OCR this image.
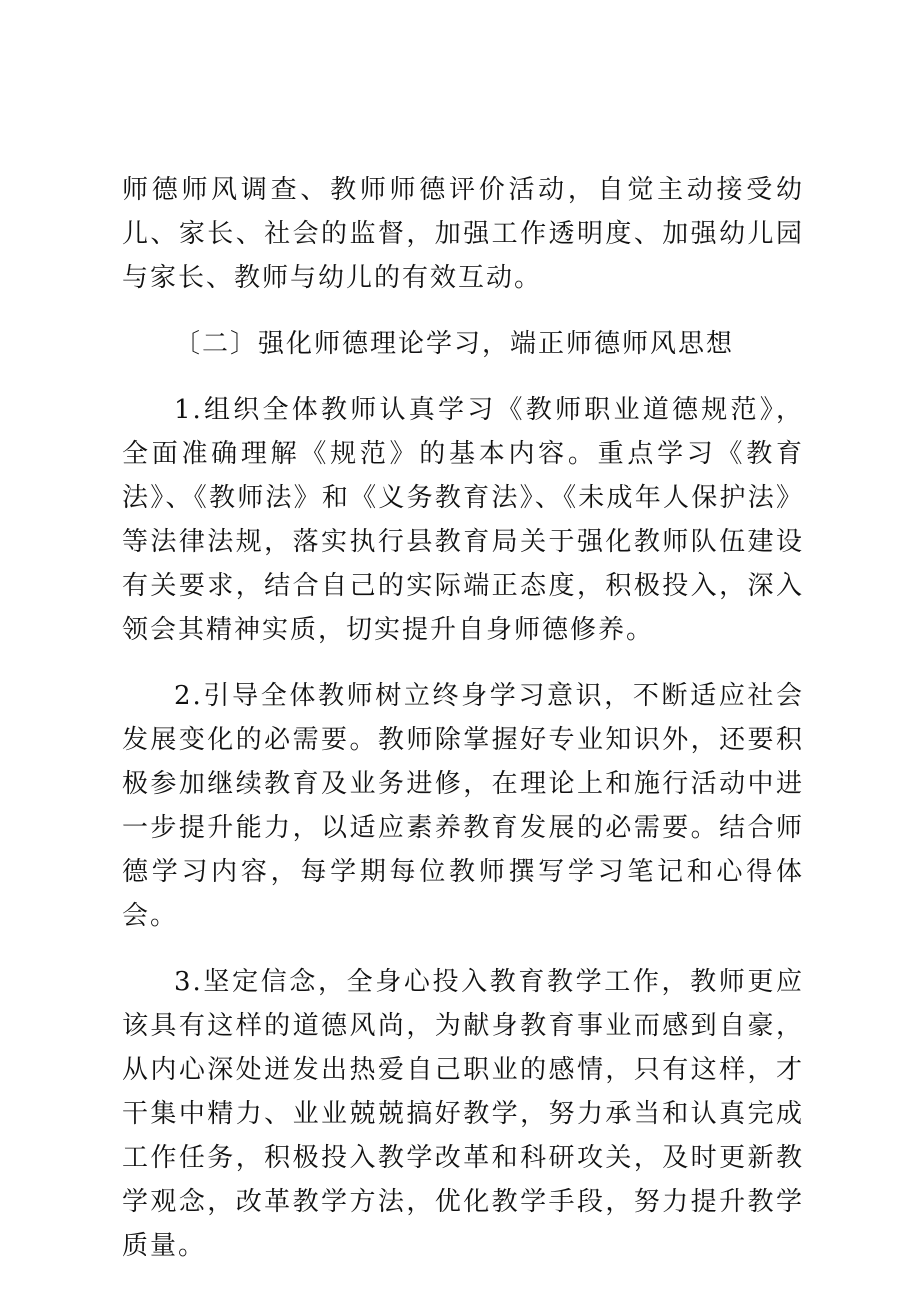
师德师风调查、教师师德评价活动，自觉主动接受幼儿、家长、社会的监督，加强工作透明度、加强幼儿园与家长、教师与幼儿的有效互动。

〔二〕强化师德理论学习，端正师德师风思想

1.组织全体教师认真学习《教师职业道德规范》，全面准确理解《规范》的基本内容。重点学习《教育法》、《教师法》和《义务教育法》、《未成年人保护法》等法律法规，落实执行县教育局关于强化教师队伍建设有关要求，结合自己的实际端正态度，积极投入，深入领会其精神实质，切实提升自身师德修养。

2.引导全体教师树立终身学习意识，不断适应社会发展变化的必需要。教师除掌握好专业知识外，还要积极参加继续教育及业务进修，在理论上和施行活动中进一步提升能力，以适应素养教育发展的必需要。结合师德学习内容，每学期每位教师撰写学习笔记和心得体会。

3.坚定信念，全身心投入教育教学工作，教师更应该具有这样的道德风尚，为献身教育事业而感到自豪，从内心深处迸发出热爱自己职业的感情，只有这样，才干集中精力、业业兢兢搞好教学，努力承当和认真完成工作任务，积极投入教学改革和科研攻关，及时更新教学观念，改革教学方法，优化教学手段，努力提升教学质量。
